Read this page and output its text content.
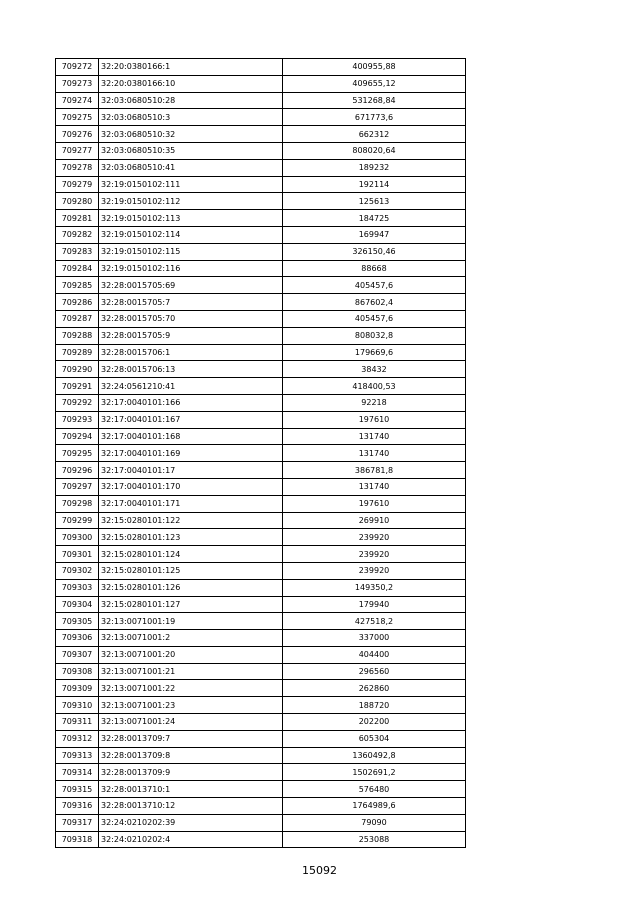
709272	32:20:0380166:1	400955,88
709273	32:20:0380166:10	409655,12
709274	32:03:0680510:28	531268,84
709275	32:03:0680510:3	671773,6
709276	32:03:0680510:32	662312
709277	32:03:0680510:35	808020,64
709278	32:03:0680510:41	189232
709279	32:19:0150102:111	192114
709280	32:19:0150102:112	125613
709281	32:19:0150102:113	184725
709282	32:19:0150102:114	169947
709283	32:19:0150102:115	326150,46
709284	32:19:0150102:116	88668
709285	32:28:0015705:69	405457,6
709286	32:28:0015705:7	867602,4
709287	32:28:0015705:70	405457,6
709288	32:28:0015705:9	808032,8
709289	32:28:0015706:1	179669,6
709290	32:28:0015706:13	38432
709291	32:24:0561210:41	418400,53
709292	32:17:0040101:166	92218
709293	32:17:0040101:167	197610
709294	32:17:0040101:168	131740
709295	32:17:0040101:169	131740
709296	32:17:0040101:17	386781,8
709297	32:17:0040101:170	131740
709298	32:17:0040101:171	197610
709299	32:15:0280101:122	269910
709300	32:15:0280101:123	239920
709301	32:15:0280101:124	239920
709302	32:15:0280101:125	239920
709303	32:15:0280101:126	149350,2
709304	32:15:0280101:127	179940
709305	32:13:0071001:19	427518,2
709306	32:13:0071001:2	337000
709307	32:13:0071001:20	404400
709308	32:13:0071001:21	296560
709309	32:13:0071001:22	262860
709310	32:13:0071001:23	188720
709311	32:13:0071001:24	202200
709312	32:28:0013709:7	605304
709313	32:28:0013709:8	1360492,8
709314	32:28:0013709:9	1502691,2
709315	32:28:0013710:1	576480
709316	32:28:0013710:12	1764989,6
709317	32:24:0210202:39	79090
709318	32:24:0210202:4	253088
15092
